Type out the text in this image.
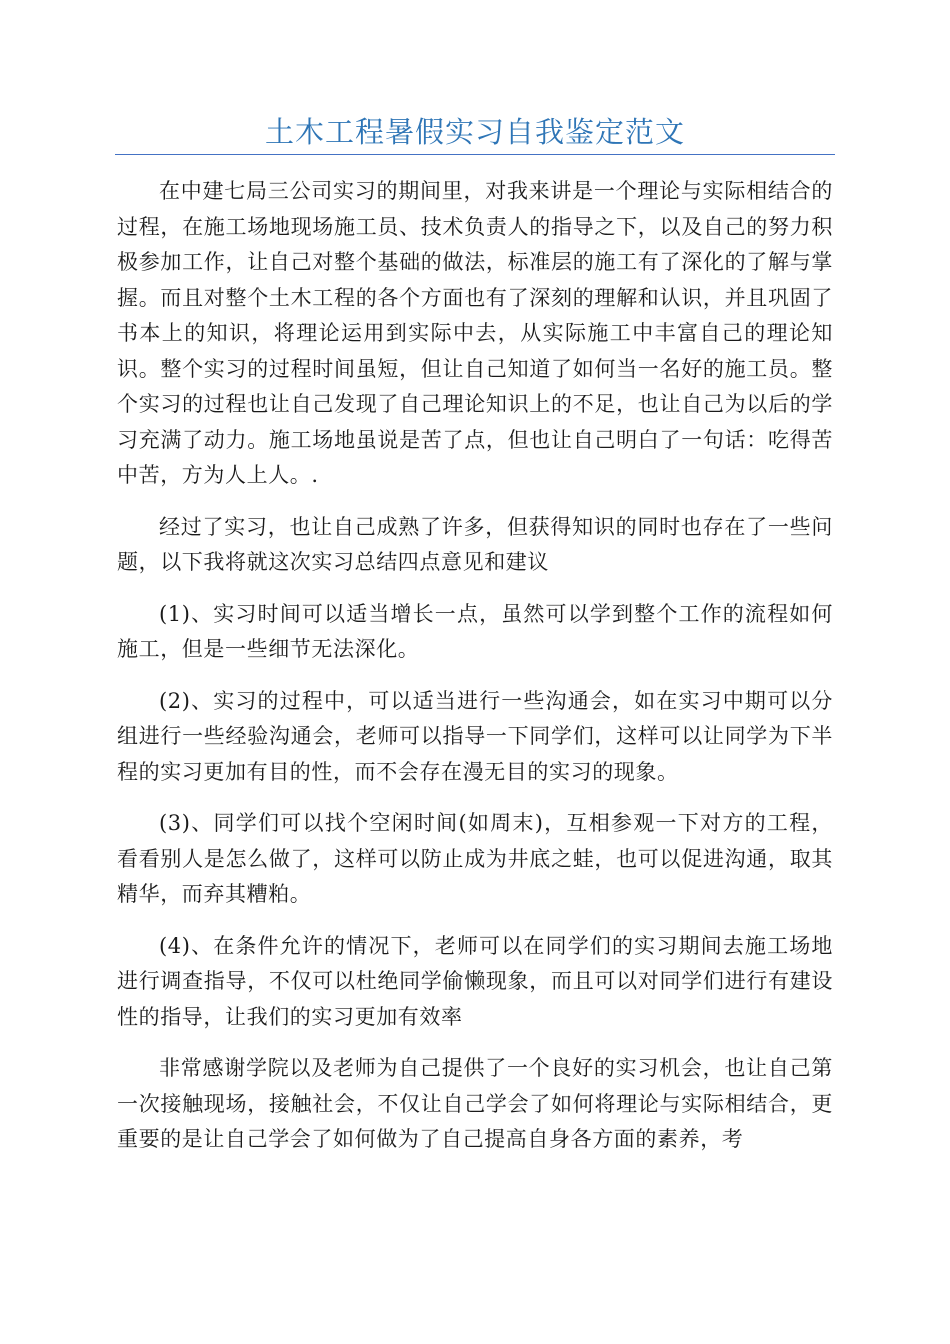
土木工程暑假实习自我鉴定范文

在中建七局三公司实习的期间里，对我来讲是一个理论与实际相结合的过程，在施工场地现场施工员、技术负责人的指导之下，以及自己的努力积极参加工作，让自己对整个基础的做法，标准层的施工有了深化的了解与掌握。而且对整个土木工程的各个方面也有了深刻的理解和认识，并且巩固了书本上的知识，将理论运用到实际中去，从实际施工中丰富自己的理论知识。整个实习的过程时间虽短，但让自己知道了如何当一名好的施工员。整个实习的过程也让自己发现了自己理论知识上的不足，也让自己为以后的学习充满了动力。施工场地虽说是苦了点，但也让自己明白了一句话：吃得苦中苦，方为人上人。.

经过了实习，也让自己成熟了许多，但获得知识的同时也存在了一些问题，以下我将就这次实习总结四点意见和建议

(1)、实习时间可以适当增长一点，虽然可以学到整个工作的流程如何施工，但是一些细节无法深化。

(2)、实习的过程中，可以适当进行一些沟通会，如在实习中期可以分组进行一些经验沟通会，老师可以指导一下同学们，这样可以让同学为下半程的实习更加有目的性，而不会存在漫无目的实习的现象。

(3)、同学们可以找个空闲时间(如周末)，互相参观一下对方的工程，看看别人是怎么做了，这样可以防止成为井底之蛙，也可以促进沟通，取其精华，而弃其糟粕。

(4)、在条件允许的情况下，老师可以在同学们的实习期间去施工场地进行调查指导，不仅可以杜绝同学偷懒现象，而且可以对同学们进行有建设性的指导，让我们的实习更加有效率

非常感谢学院以及老师为自己提供了一个良好的实习机会，也让自己第一次接触现场，接触社会，不仅让自己学会了如何将理论与实际相结合，更重要的是让自己学会了如何做为了自己提高自身各方面的素养，考
